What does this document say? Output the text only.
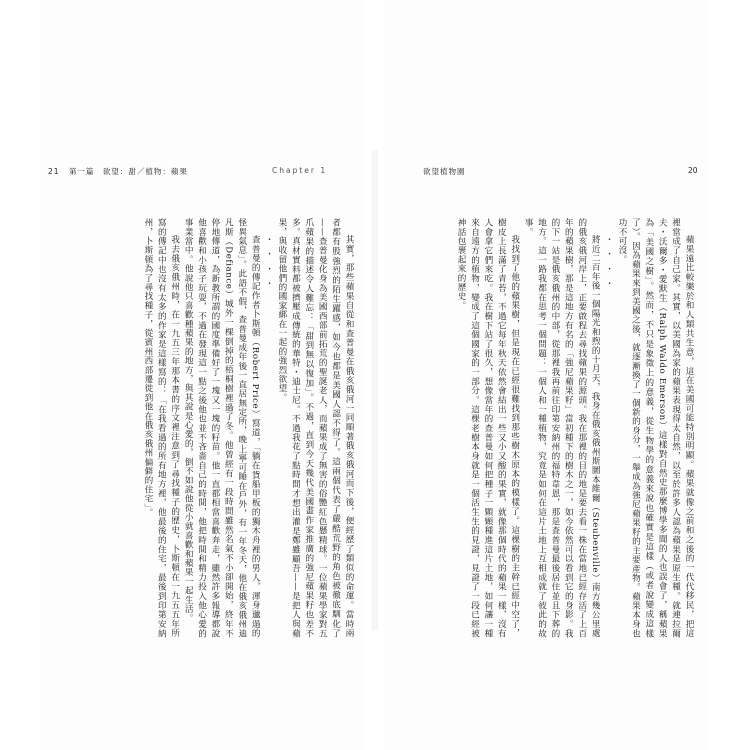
21 第一篇　欲望：甜／植物：蘋果	Chapter 1

其實，那些蘋果自從和查普曼在俄亥俄河一同順著俄亥俄河而下後，便經歷了類似的命運。當時兩者都有股強烈的陌生躍感，如今也都是美國人認不得了。這兩個代表了嚴酷荒野的角色被徹底馴化了——查普曼化身為美國西部前拓荒的聖誕老人，而蘋果成了無害的俗艷紅色懸精球。一位蘋果學家對五爪蘋果的描述令人難忘：「甜到無以復加」。不過，直到今天幾代美國畫作家推廣的強尼蘋果籽也差不多。真材實料都被擠壓成傳統的華特・迪士尼。不過我花了點時間才想出灌是鄭雖顧吾——是把人與蘋果，與收留他們的國家綁在一起的強烈欲望。

・・・・

查普曼的傳記作者卜斯頓（Robert Price）寫道，「躺在貨船甲板的獨木舟裡的男人，渾身邋遢的怪異氣息」。此語不假，查普曼成年後一直居無定所，晚上寧可睡在戶外，有一年冬天，他在俄亥俄州迪凡斯（Defiance）城外一棵倒掉的梧桐樹裡過了冬。他曾經有一段時間雖然名氣不小卻開始，終年不停地傳道，為新教所謂的國度準備好了一塊又一塊的籽苗。他一直都相當喜歡奔走，雖然許多報導都說他喜歡和小孩子玩耍，不過在發現這一點之後他也並不吝嗇自己的時間，他把時間和精力投入他心愛的事業當中。他說他只喜歡種蘋果的地方，與其說是心愛的，倒不如說他從小就喜歡和蘋果一起生活。

我去俄亥俄州時，在一九五三年那本書的序文裡注意到了尋找種子的歷史，卜斯頓在一九五五年所寫的傳記中也沒有太多的作家是這樣寫的：「在我看過的所有地方裡，他最後的住宅，最後到印第安納州，卜斯頓為了尋找種子，從賓州西部遷徙到他在俄亥俄州偏僻的住宅」。

欲望植物園	20

蘋果遠比較樂於和人類共生意，這在美國可能特別明顯。蘋果就像之前和之後的一代代移民，把這裡當成了自己家。其實，以美國為家的蘋果表現得太自然，以至於許多人認為蘋果是原生種。就連拉爾夫・沃爾多・愛默生（Ralph Waldo Emerson）這樣對自然史那麼博學多聞的人也誤會了，稱蘋果為「美國之樹」。然而，不只是象徵上的意義，從生物學的意義來說也確實是這樣（或者說變成這樣了）。因為蘋果來到美國之後，就逐漸換了一個新的身分，一舉成為強尼蘋果籽的主要產物。蘋果本身也功不可沒。

・・・・

將近二百年後一個陽光和煦的十月天，我身在俄亥俄州斯圖本維爾（Steubenville）南方幾公里處的俄亥俄河岸上，正要啟程去尋找蘋果的源頭。我在那裡的目的地是要去看一株在當地已經存活了上百年的蘋果樹，那是這地方有名的「強尼蘋果籽」當初種下的樹木之一，如今依然可以看到它的身影。我的下一站是俄亥俄州的中部，從那裡我再前往印第安納州的福特韋恩，那是查普曼最後居住並且下葬的地方。這一路我都在思考一個問題：一個人和一種植物，究竟是如何在這片土地上互相成就了彼此的故事。

我找到了他的蘋果樹，但是現在已經很難找到那些樹木原本的模樣了。這棵樹的主幹已經中空了，樹皮上長滿了青苔，不過它每年秋天依然會結出一些又小又酸的果實，就像那個時代的蘋果一樣，沒有人會拿它們來吃。我在樹下站了很久，想像當年的查普曼如何把種子一顆顆種進這片土地，如何讓一種來自遠方的植物，變成了這個國家的一部分。這棵老樹本身就是一個活生生的見證，見證了一段已經被神話包裹起來的歷史。
